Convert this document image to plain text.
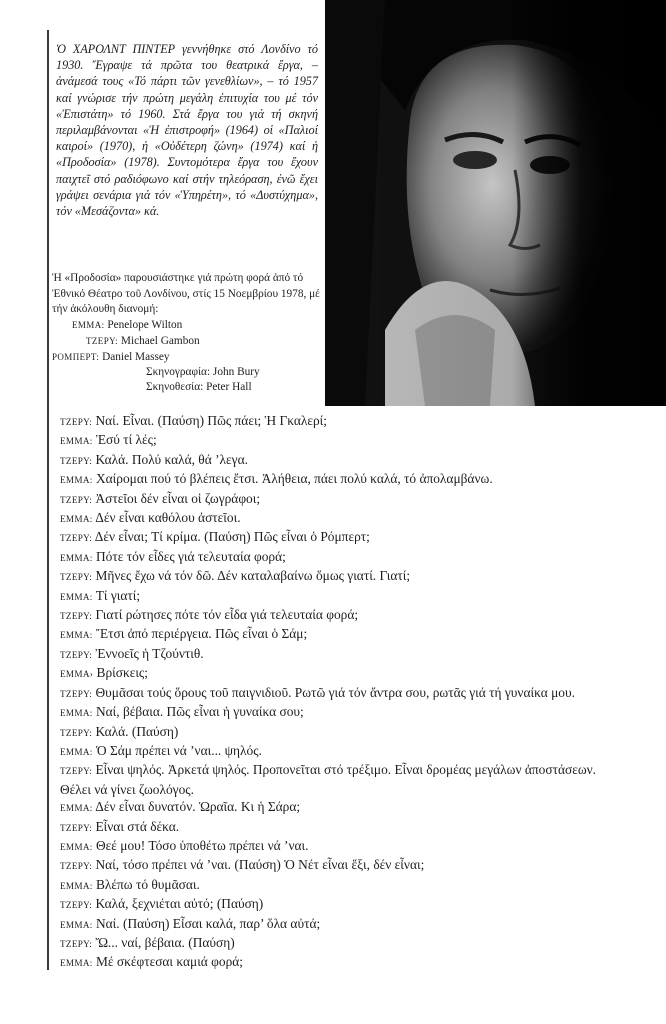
Ὁ ΧΑΡΟΛΝΤ ΠΙΝΤΕΡ γεννήθηκε στό Λονδίνο τό 1930. Ἔγραψε τά πρῶτα του θεατρικά ἔργα, – ἀνάμεσά τους «Τό πάρτι τῶν γενεθλίων», – τό 1957 καί γνώρισε τήν πρώτη μεγάλη ἐπιτυχία του μέ τόν «Ἐπιστάτη» τό 1960. Στά ἔργα του γιά τή σκηνή περιλαμβάνονται «Ἡ ἐπιστροφή» (1964) οἱ «Παλιοί καιροί» (1970), ἡ «Οὐδέτερη ζώνη» (1974) καί ἡ «Προδοσία» (1978). Συντομότερα ἔργα του ἔχουν παιχτεῖ στό ραδιόφωνο καί στήν τηλεόραση, ἐνῶ ἔχει γράψει σενάρια γιά τόν «Ὑπηρέτη», τό «Δυστύχημα», τόν «Μεσάζοντα» κά.

Ἡ «Προδοσία» παρουσιάστηκε γιά πρώτη φορά ἀπό τό Ἐθνικό Θέατρο τοῦ Λονδίνου, στίς 15 Νοεμβρίου 1978, μέ τήν ἀκόλουθη διανομή:

EMMA: Penelope Wilton
ΤΖΕΡΥ: Michael Gambon
ΡΟΜΠΕΡΤ: Daniel Massey
Σκηνογραφία: John Bury
Σκηνοθεσία: Peter Hall
ΤΖΕΡΥ: Ναί. Εἶναι. (Παύση) Πῶς πάει; Ἡ Γκαλερί;
ΕΜΜΑ: Ἐσύ τί λές;
ΤΖΕΡΥ: Καλά. Πολύ καλά, θά ’λεγα.
ΕΜΜΑ: Χαίρομαι πού τό βλέπεις ἔτσι. Ἀλήθεια, πάει πολύ καλά, τό ἀπολαμβάνω.
ΤΖΕΡΥ: Ἀστεῖοι δέν εἶναι οἱ ζωγράφοι;
ΕΜΜΑ: Δέν εἶναι καθόλου ἀστεῖοι.
ΤΖΕΡΥ: Δέν εἶναι; Τί κρίμα. (Παύση) Πῶς εἶναι ὁ Ρόμπερτ;
ΕΜΜΑ: Πότε τόν εἶδες γιά τελευταία φορά;
ΤΖΕΡΥ: Μῆνες ἔχω νά τόν δῶ. Δέν καταλαβαίνω ὅμως γιατί. Γιατί;
ΕΜΜΑ: Τί γιατί;
ΤΖΕΡΥ: Γιατί ρώτησες πότε τόν εἶδα γιά τελευταία φορά;
ΕΜΜΑ: Ἔτσι ἀπό περιέργεια. Πῶς εἶναι ὁ Σάμ;
ΤΖΕΡΥ: Ἐννοεῖς ἡ Τζούντιθ.
ΕΜΜΑ› Βρίσκεις;
ΤΖΕΡΥ: Θυμᾶσαι τούς ὅρους τοῦ παιγνιδιοῦ. Ρωτῶ γιά τόν ἄντρα σου, ρωτᾶς γιά τή γυναίκα μου.
ΕΜΜΑ: Ναί, βέβαια. Πῶς εἶναι ἡ γυναίκα σου;
ΤΖΕΡΥ: Καλά. (Παύση)
ΕΜΜΑ: Ὁ Σάμ πρέπει νά ’ναι... ψηλός.
ΤΖΕΡΥ: Εἶναι ψηλός. Ἀρκετά ψηλός. Προπονεῖται στό τρέξιμο. Εἶναι δρομέας μεγάλων ἀποστάσεων. Θέλει νά γίνει ζωολόγος.
ΕΜΜΑ: Δέν εἶναι δυνατόν. Ὡραῖα. Κι ἡ Σάρα;
ΤΖΕΡΥ: Εἶναι στά δέκα.
ΕΜΜΑ: Θεέ μου! Τόσο ὑποθέτω πρέπει νά ’ναι.
ΤΖΕΡΥ: Ναί, τόσο πρέπει νά ’ναι. (Παύση) Ὁ Νέτ εἶναι ἕξι, δέν εἶναι;
ΕΜΜΑ: Βλέπω τό θυμᾶσαι.
ΤΖΕΡΥ: Καλά, ξεχνιέται αὐτό; (Παύση)
ΕΜΜΑ: Ναί. (Παύση) Εἶσαι καλά, παρ’ ὅλα αὐτά;
ΤΖΕΡΥ: Ὤ... ναί, βέβαια. (Παύση)
ΕΜΜΑ: Μέ σκέφτεσαι καμιά φορά;
